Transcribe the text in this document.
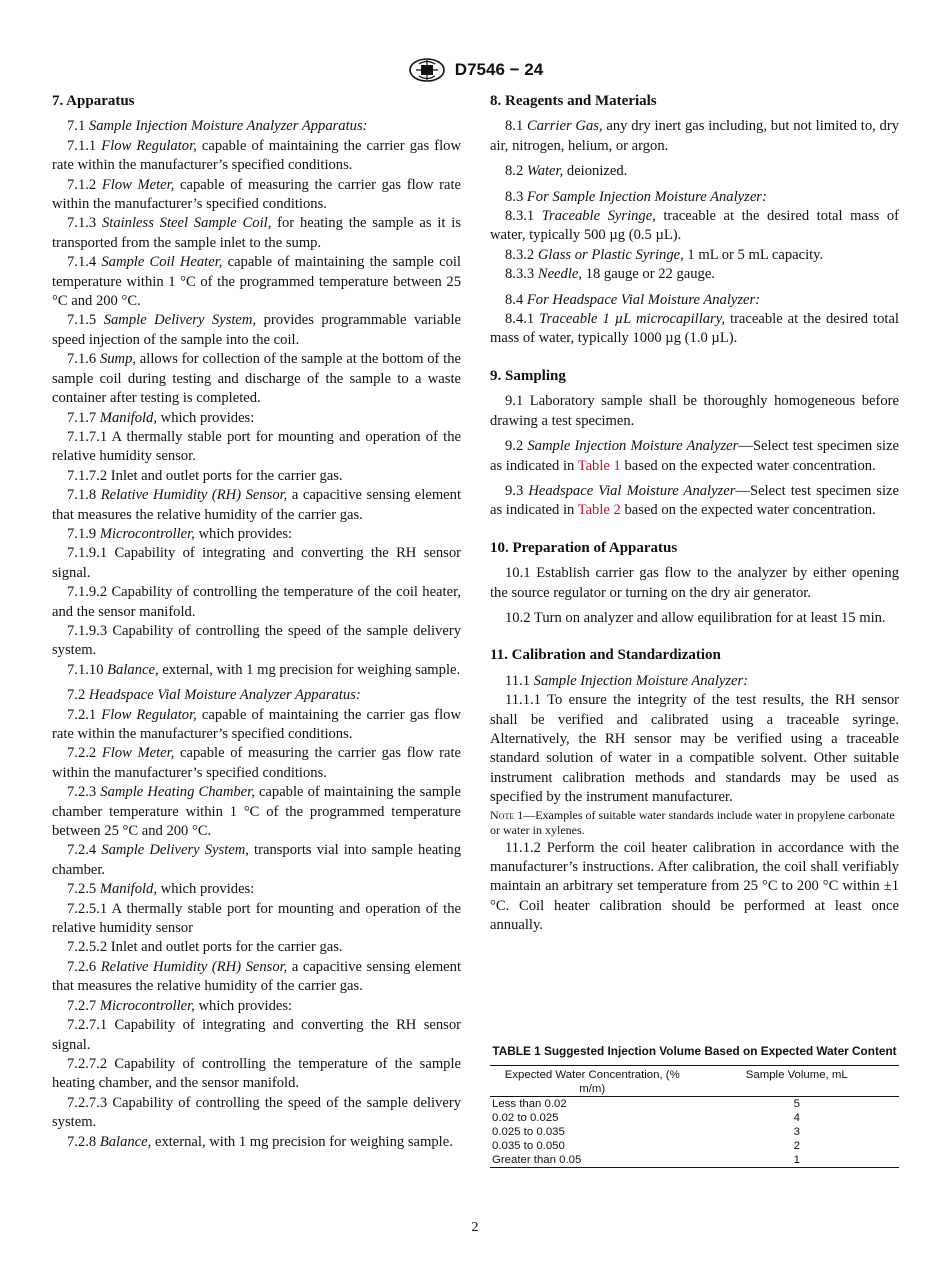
D7546 − 24
7. Apparatus

7.1 Sample Injection Moisture Analyzer Apparatus:

7.1.1 Flow Regulator, capable of maintaining the carrier gas flow rate within the manufacturer’s specified conditions.

7.1.2 Flow Meter, capable of measuring the carrier gas flow rate within the manufacturer’s specified conditions.

7.1.3 Stainless Steel Sample Coil, for heating the sample as it is transported from the sample inlet to the sump.

7.1.4 Sample Coil Heater, capable of maintaining the sample coil temperature within 1 °C of the programmed temperature between 25 °C and 200 °C.

7.1.5 Sample Delivery System, provides programmable variable speed injection of the sample into the coil.

7.1.6 Sump, allows for collection of the sample at the bottom of the sample coil during testing and discharge of the sample to a waste container after testing is completed.

7.1.7 Manifold, which provides:

7.1.7.1 A thermally stable port for mounting and operation of the relative humidity sensor.

7.1.7.2 Inlet and outlet ports for the carrier gas.

7.1.8 Relative Humidity (RH) Sensor, a capacitive sensing element that measures the relative humidity of the carrier gas.

7.1.9 Microcontroller, which provides:

7.1.9.1 Capability of integrating and converting the RH sensor signal.

7.1.9.2 Capability of controlling the temperature of the coil heater, and the sensor manifold.

7.1.9.3 Capability of controlling the speed of the sample delivery system.

7.1.10 Balance, external, with 1 mg precision for weighing sample.

7.2 Headspace Vial Moisture Analyzer Apparatus:

7.2.1 Flow Regulator, capable of maintaining the carrier gas flow rate within the manufacturer’s specified conditions.

7.2.2 Flow Meter, capable of measuring the carrier gas flow rate within the manufacturer’s specified conditions.

7.2.3 Sample Heating Chamber, capable of maintaining the sample chamber temperature within 1 °C of the programmed temperature between 25 °C and 200 °C.

7.2.4 Sample Delivery System, transports vial into sample heating chamber.

7.2.5 Manifold, which provides:

7.2.5.1 A thermally stable port for mounting and operation of the relative humidity sensor

7.2.5.2 Inlet and outlet ports for the carrier gas.

7.2.6 Relative Humidity (RH) Sensor, a capacitive sensing element that measures the relative humidity of the carrier gas.

7.2.7 Microcontroller, which provides:

7.2.7.1 Capability of integrating and converting the RH sensor signal.

7.2.7.2 Capability of controlling the temperature of the sample heating chamber, and the sensor manifold.

7.2.7.3 Capability of controlling the speed of the sample delivery system.

7.2.8 Balance, external, with 1 mg precision for weighing sample.

8. Reagents and Materials

8.1 Carrier Gas, any dry inert gas including, but not limited to, dry air, nitrogen, helium, or argon.

8.2 Water, deionized.

8.3 For Sample Injection Moisture Analyzer:

8.3.1 Traceable Syringe, traceable at the desired total mass of water, typically 500 µg (0.5 µL).

8.3.2 Glass or Plastic Syringe, 1 mL or 5 mL capacity.

8.3.3 Needle, 18 gauge or 22 gauge.

8.4 For Headspace Vial Moisture Analyzer:

8.4.1 Traceable 1 µL microcapillary, traceable at the desired total mass of water, typically 1000 µg (1.0 µL).

9. Sampling

9.1 Laboratory sample shall be thoroughly homogeneous before drawing a test specimen.

9.2 Sample Injection Moisture Analyzer—Select test specimen size as indicated in Table 1 based on the expected water concentration.

9.3 Headspace Vial Moisture Analyzer—Select test specimen size as indicated in Table 2 based on the expected water concentration.

10. Preparation of Apparatus

10.1 Establish carrier gas flow to the analyzer by either opening the source regulator or turning on the dry air generator.

10.2 Turn on analyzer and allow equilibration for at least 15 min.

11. Calibration and Standardization

11.1 Sample Injection Moisture Analyzer:

11.1.1 To ensure the integrity of the test results, the RH sensor shall be verified and calibrated using a traceable syringe. Alternatively, the RH sensor may be verified using a traceable standard solution of water in a compatible solvent. Other suitable instrument calibration methods and standards may be used as specified by the instrument manufacturer.

Note 1—Examples of suitable water standards include water in propylene carbonate or water in xylenes.

11.1.2 Perform the coil heater calibration in accordance with the manufacturer’s instructions. After calibration, the coil shall verifiably maintain an arbitrary set temperature from 25 °C to 200 °C within ±1 °C. Coil heater calibration should be performed at least once annually.

TABLE 1 Suggested Injection Volume Based on Expected Water Content
Expected Water Concentration, (% m/m)	Sample Volume, mL
Less than 0.02	5
0.02 to 0.025	4
0.025 to 0.035	3
0.035 to 0.050	2
Greater than 0.05	1
2
